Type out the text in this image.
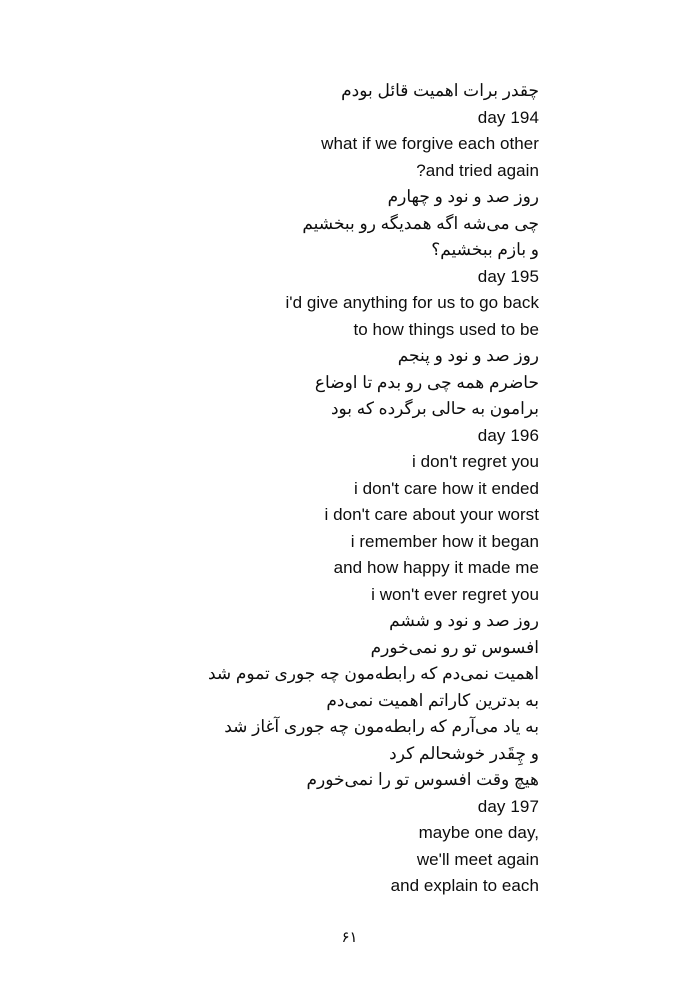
چقدر برات اهمیت قائل بودم
day 194
what if we forgive each other
?and tried again
روز صد و نود و چهارم
چی می‌شه اگه همدیگه رو ببخشیم
و بازم ببخشیم؟
day 195
i'd give anything for us to go back
to how things used to be
روز صد و نود و پنجم
حاضرم همه چی رو بدم تا اوضاع
برامون به حالی برگرده که بود
day 196
i don't regret you
i don't care how it ended
i don't care about your worst
i remember how it began
and how happy it made me
i won't ever regret you
روز صد و نود و ششم
افسوس تو رو نمی‌خورم
اهمیت نمی‌دم که رابطه‌مون چه جوری تموم شد
به بدترین کاراتم اهمیت نمی‌دم
به یاد می‌آرم که رابطه‌مون چه جوری آغاز شد
و چِقَدر خوشحالم کرد
هیچ وقت افسوس تو را نمی‌خورم
day 197
maybe one day,
we'll meet again
and explain to each
۶۱
